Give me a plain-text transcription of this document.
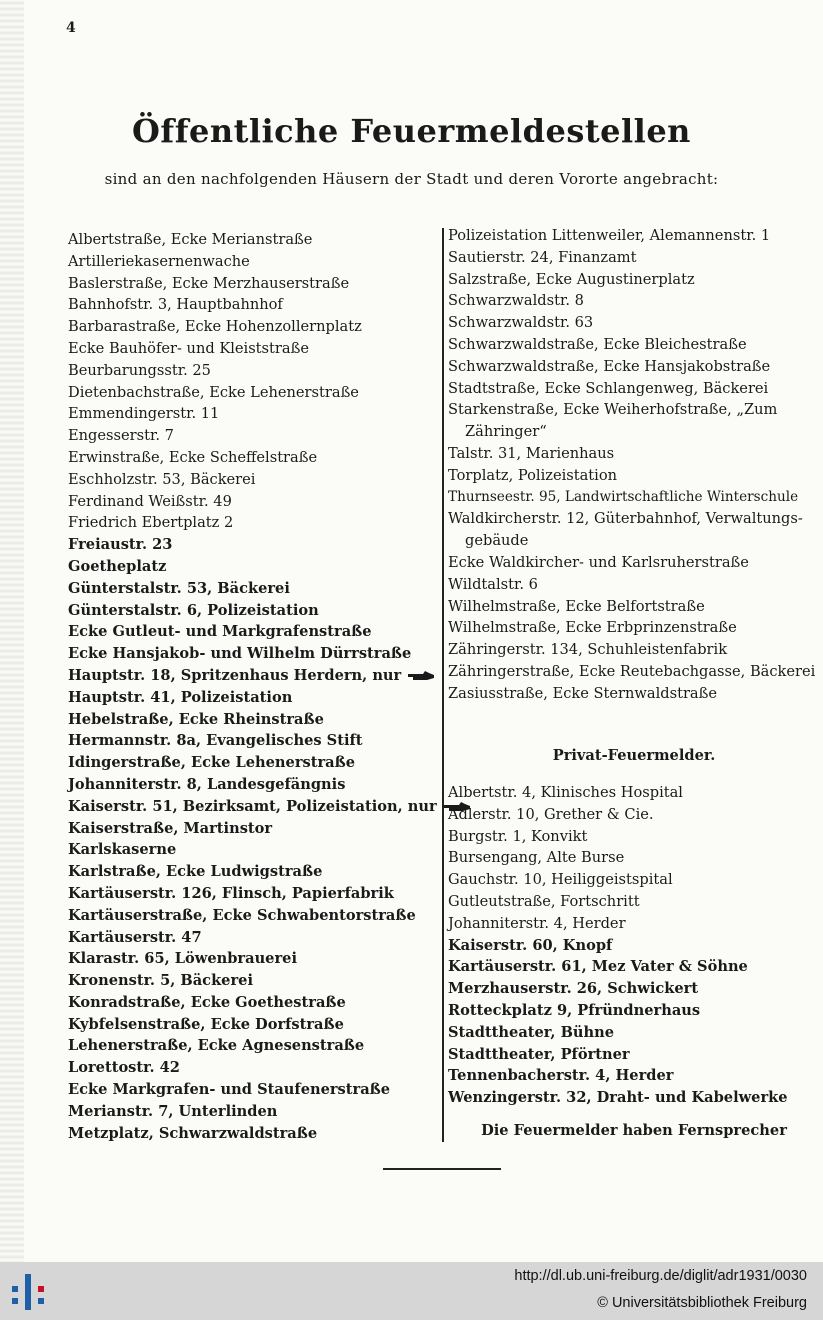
4
Öffentliche Feuermeldestellen
sind an den nachfolgenden Häusern der Stadt und deren Vororte angebracht:
Albertstraße, Ecke Merianstraße
Artilleriekasernenwache
Baslerstraße, Ecke Merzhauserstraße
Bahnhofstr. 3, Hauptbahnhof
Barbarastraße, Ecke Hohenzollernplatz
Ecke Bauhöfer- und Kleiststraße
Beurbarungsstr. 25
Dietenbachstraße, Ecke Lehenerstraße
Emmendingerstr. 11
Engesserstr. 7
Erwinstraße, Ecke Scheffelstraße
Eschholzstr. 53, Bäckerei
Ferdinand Weißstr. 49
Friedrich Ebertplatz 2
Freiaustr. 23
Goetheplatz
Günterstalstr. 53, Bäckerei
Günterstalstr. 6, Polizeistation
Ecke Gutleut- und Markgrafenstraße
Ecke Hansjakob- und Wilhelm Dürrstraße
Hauptstr. 18, Spritzenhaus Herdern, nur
Hauptstr. 41, Polizeistation
Hebelstraße, Ecke Rheinstraße
Hermannstr. 8a, Evangelisches Stift
Idingerstraße, Ecke Lehenerstraße
Johanniterstr. 8, Landesgefängnis
Kaiserstr. 51, Bezirksamt, Polizeistation, nur
Kaiserstraße, Martinstor
Karlskaserne
Karlstraße, Ecke Ludwigstraße
Kartäuserstr. 126, Flinsch, Papierfabrik
Kartäuserstraße, Ecke Schwabentorstraße
Kartäuserstr. 47
Klarastr. 65, Löwenbrauerei
Kronenstr. 5, Bäckerei
Konradstraße, Ecke Goethestraße
Kybfelsenstraße, Ecke Dorfstraße
Lehenerstraße, Ecke Agnesenstraße
Lorettostr. 42
Ecke Markgrafen- und Staufenerstraße
Merianstr. 7, Unterlinden
Metzplatz, Schwarzwaldstraße
Polizeistation Littenweiler, Alemannenstr. 1
Sautierstr. 24, Finanzamt
Salzstraße, Ecke Augustinerplatz
Schwarzwaldstr. 8
Schwarzwaldstr. 63
Schwarzwaldstraße, Ecke Bleichestraße
Schwarzwaldstraße, Ecke Hansjakobstraße
Stadtstraße, Ecke Schlangenweg, Bäckerei
Starkenstraße, Ecke Weiherhofstraße, „Zum
Zähringer“
Talstr. 31, Marienhaus
Torplatz, Polizeistation
Thurnseestr. 95, Landwirtschaftliche Winterschule
Waldkircherstr. 12, Güterbahnhof, Verwaltungs-
gebäude
Ecke Waldkircher- und Karlsruherstraße
Wildtalstr. 6
Wilhelmstraße, Ecke Belfortstraße
Wilhelmstraße, Ecke Erbprinzenstraße
Zähringerstr. 134, Schuhleistenfabrik
Zähringerstraße, Ecke Reutebachgasse, Bäckerei
Zasiusstraße, Ecke Sternwaldstraße
Privat-Feuermelder.
Albertstr. 4, Klinisches Hospital
Adlerstr. 10, Grether & Cie.
Burgstr. 1, Konvikt
Bursengang, Alte Burse
Gauchstr. 10, Heiliggeistspital
Gutleutstraße, Fortschritt
Johanniterstr. 4, Herder
Kaiserstr. 60, Knopf
Kartäuserstr. 61, Mez Vater & Söhne
Merzhauserstr. 26, Schwickert
Rotteckplatz 9, Pfründnerhaus
Stadttheater, Bühne
Stadttheater, Pförtner
Tennenbacherstr. 4, Herder
Wenzingerstr. 32, Draht- und Kabelwerke
Die Feuermelder haben Fernsprecher
http://dl.ub.uni-freiburg.de/diglit/adr1931/0030
© Universitätsbibliothek Freiburg
